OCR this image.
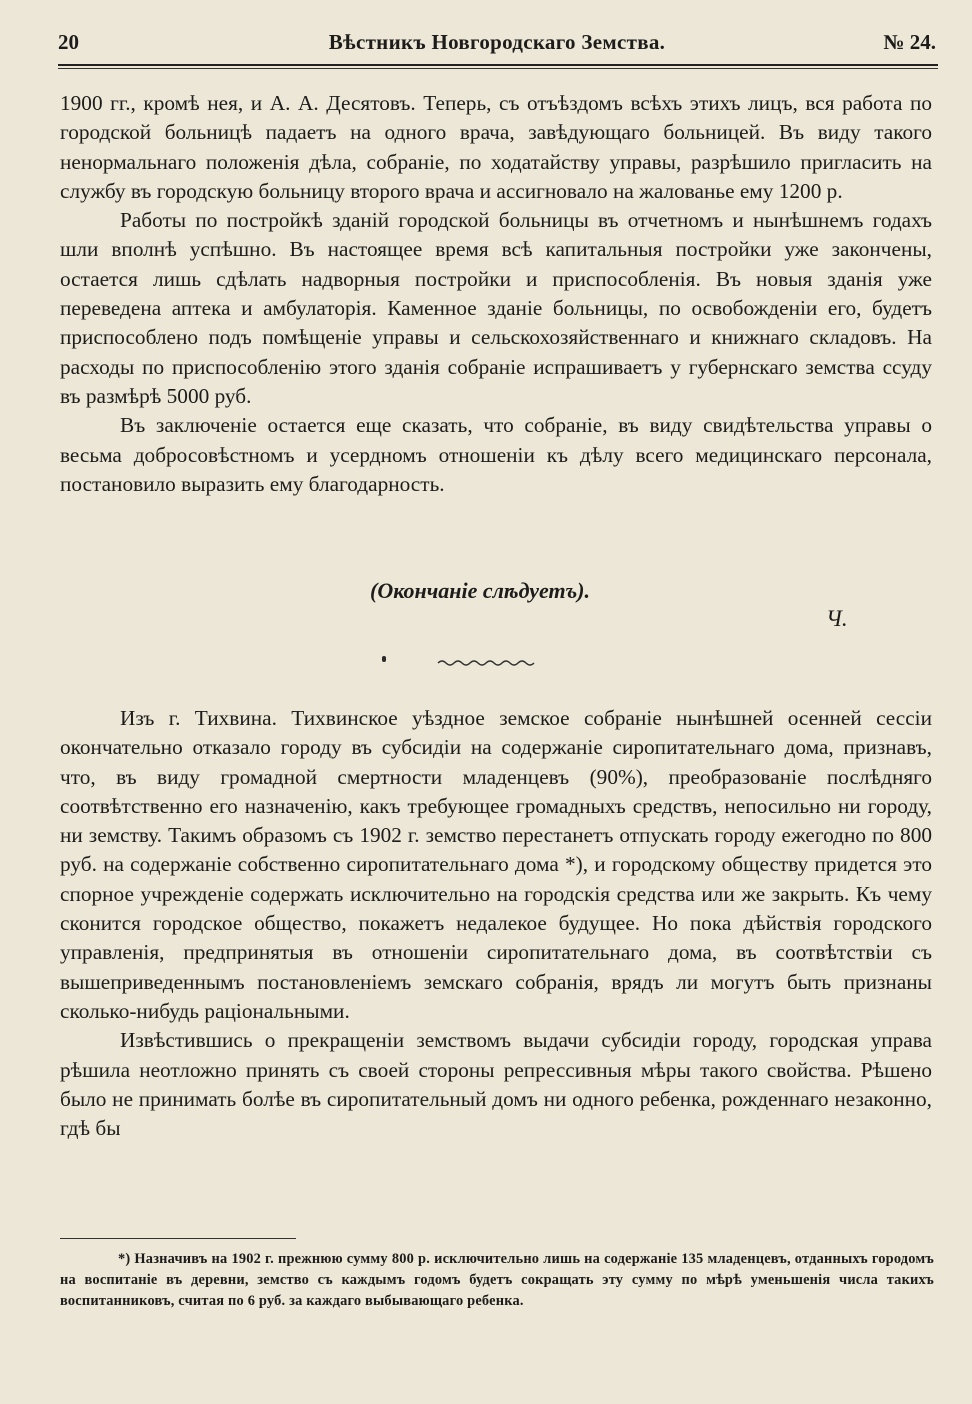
20	Вѣстникъ Новгородскаго Земства.	№ 24.

1900 гг., кромѣ нея, и А. А. Десятовъ. Теперь, съ отъѣздомъ всѣхъ этихъ лицъ, вся работа по городской больницѣ падаетъ на одного врача, завѣдующаго больницей. Въ виду такого ненормальнаго положенія дѣла, собраніе, по ходатайству управы, разрѣшило пригласить на службу въ городскую больницу второго врача и ассигновало на жалованье ему 1200 р.

Работы по постройкѣ зданій городской больницы въ отчетномъ и нынѣшнемъ годахъ шли вполнѣ успѣшно. Въ настоящее время всѣ капитальныя постройки уже закончены, остается лишь сдѣлать надворныя постройки и приспособленія. Въ новыя зданія уже переведена аптека и амбулаторія. Каменное зданіе больницы, по освобожденіи его, будетъ приспособлено подъ помѣщеніе управы и сельскохозяйственнаго и книжнаго складовъ. На расходы по приспособленію этого зданія собраніе испрашиваетъ у губернскаго земства ссуду въ размѣрѣ 5000 руб.

Въ заключеніе остается еще сказать, что собраніе, въ виду свидѣтельства управы о весьма добросовѣстномъ и усердномъ отношеніи къ дѣлу всего медицинскаго персонала, постановило выразить ему благодарность.

(Окончаніе слѣдуетъ).
Ч.

Изъ г. Тихвина. Тихвинское уѣздное земское собраніе нынѣшней осенней сессіи окончательно отказало городу въ субсидіи на содержаніе сиропитательнаго дома, признавъ, что, въ виду громадной смертности младенцевъ (90%), преобразованіе послѣдняго соотвѣтственно его назначенію, какъ требующее громадныхъ средствъ, непосильно ни городу, ни земству. Такимъ образомъ съ 1902 г. земство перестанетъ отпускать городу ежегодно по 800 руб. на содержаніе собственно сиропитательнаго дома *), и городскому обществу придется это спорное учрежденіе содержать исключительно на городскія средства или же закрыть. Къ чему сконится городское общество, покажетъ недалекое будущее. Но пока дѣйствія городского управленія, предпринятыя въ отношеніи сиропитательнаго дома, въ соотвѣтствіи съ вышеприведеннымъ постановленіемъ земскаго собранія, врядъ ли могутъ быть признаны сколько-нибудь раціональными.

Извѣстившись о прекращеніи земствомъ выдачи субсидіи городу, городская управа рѣшила неотложно принять съ своей стороны репрессивныя мѣры такого свойства. Рѣшено было не принимать болѣе въ сиропитательный домъ ни одного ребенка, рожденнаго незаконно, гдѣ бы

*) Назначивъ на 1902 г. прежнюю сумму 800 р. исключительно лишь на содержаніе 135 младенцевъ, отданныхъ городомъ на воспитаніе въ деревни, земство съ каждымъ годомъ будетъ сокращать эту сумму по мѣрѣ уменьшенія числа такихъ воспитанниковъ, считая по 6 руб. за каждаго выбывающаго ребенка.
